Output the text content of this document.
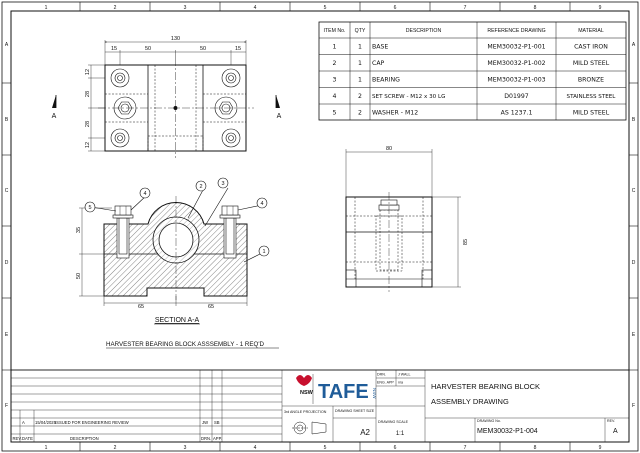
1	2	3	4	5	6	7	8	9
1	2	3	4	5	6	7	8	9
A
B
C
D
E
F
A
B
C
D
E
F
ITEM No. QTY	DESCRIPTION	REFERENCE DRAWING	MATERIAL
1	1 BASE	MEM30032-P1-001	CAST IRON
2	1 CAP	MEM30032-P1-002	MILD STEEL
3	1 BEARING	MEM30032-P1-003	BRONZE
4	2 SET SCREW - M12 x 30 LG	D01997	STAINLESS STEEL
5	2 WASHER - M12	AS 1237.1	MILD STEEL
130
15	50	50	15
12
28
28
12
A	A
65	65
35
50
1
2	3
4
4
5
SECTION A-A
HARVESTER BEARING BLOCK ASSSEMBLY - 1 REQ'D
80
85
A 15/04/2025 ISSUED FOR ENGINEERING REVIEW	JW SB
REV. DATE	DESCRIPTION	DRN. APP.
NSW TAFE NSW
3rd ANGLE PROJECTION DRAWING SHEET SIZE
DRAWING SCALE
DRN.	J WALL
ENG. APP n/a
DRAWING No.	REV.
A2	1:1
HARVESTER BEARING BLOCK
ASSEMBLY DRAWING
MEM30032-P1-004	A
